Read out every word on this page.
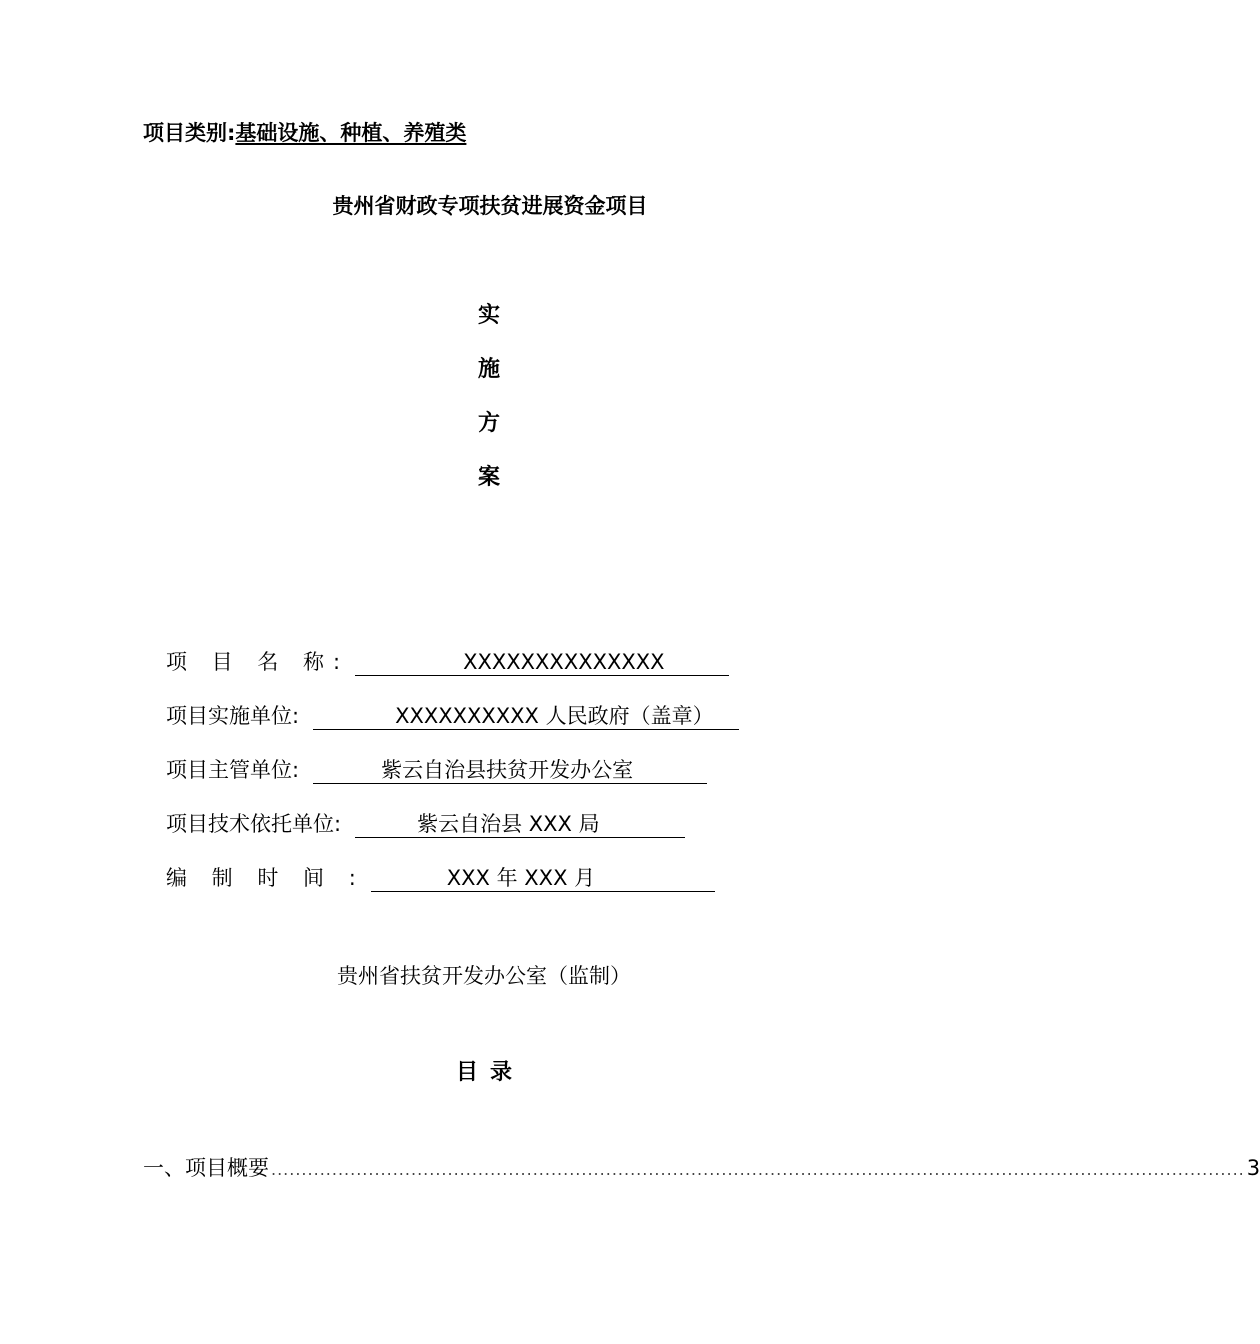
项目类别:基础设施、种植、养殖类
贵州省财政专项扶贫进展资金项目
实
施
方
案
项 目 名 称:	XXXXXXXXXXXXXX
项目实施单位:	XXXXXXXXXX 人民政府（盖章）
项目主管单位:	紫云自治县扶贫开发办公室
项目技术依托单位:	紫云自治县 XXX 局
编 制 时 间 :	XXX 年 XXX 月
贵州省扶贫开发办公室（监制）
目录
一、项目概要 ................................................................................................................................................................ 3
